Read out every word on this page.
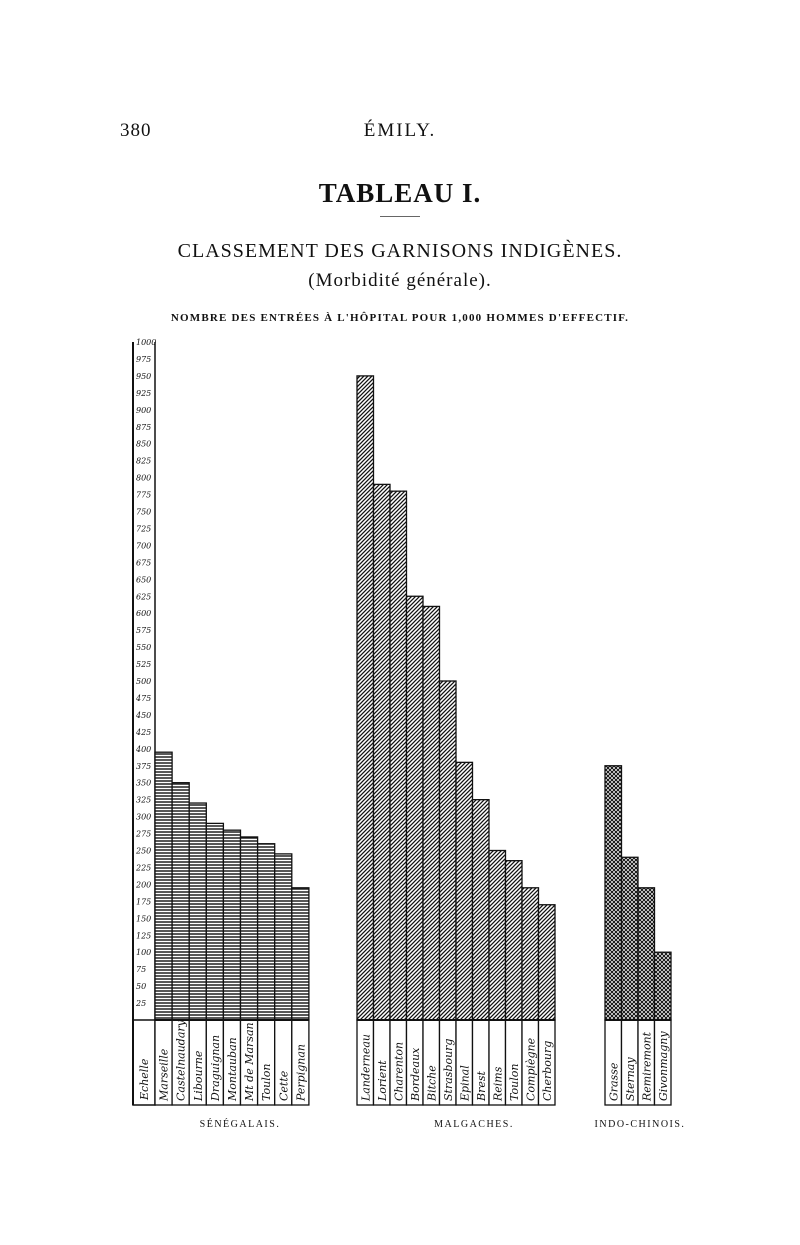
380	ÉMILY.
TABLEAU I.
CLASSEMENT DES GARNISONS INDIGÈNES.
(Morbidité générale).
NOMBRE DES ENTRÉES À L'HÔPITAL POUR 1,000 HOMMES D'EFFECTIF.
1000
975
950
925
900
875
850
825
800
775
750
725
700
675
650
625
600
575
550
525
500
475
450
425
400
375
350
325
300
275
250
225
200
175
150
125
100
75
50
25
Echelle Marseille Castelnaudary Libourne Draguignan Montauban Mt de Marsan Toulon Cette Perpignan
SÉNÉGALAIS.
Landerneau Lorient Charenton Bordeaux Bitche Strasbourg Epinal Brest Reims Toulon Compiègne Cherbourg
MALGACHES.
Grasse Sternay Remiremont Givonmagny
INDO-CHINOIS.
